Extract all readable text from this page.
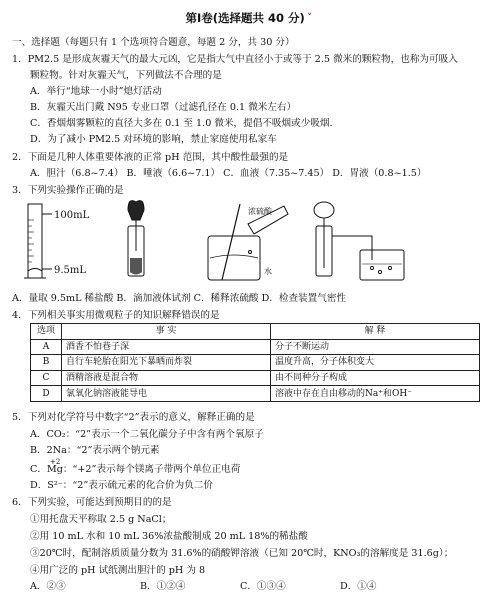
第Ⅰ卷(选择题共 40 分) ˇ
一、选择题（每题只有 1 个选项符合题意，每题 2 分，共 30 分）
1．PM2.5 是形成灰霾天气的最大元凶，它是指大气中直径小于或等于 2.5 微米的颗粒物，也称为可吸入
颗粒物。针对灰霾天气，下列做法不合理的是
A．举行“地球一小时”熄灯活动
B．灰霾天出门戴 N95 专业口罩（过滤孔径在 0.1 微米左右）
C．香烟烟雾颗粒的直径大多在 0.1 至 1.0 微米，提倡不吸烟或少吸烟.
D．为了减小 PM2.5 对环境的影响，禁止家庭使用私家车
2．下面是几种人体重要体液的正常 pH 范围，其中酸性最强的是
A．胆汁（6.8~7.4） B．唾液（6.6~7.1） C．血液（7.35~7.45） D．胃液（0.8~1.5）
3．下列实验操作正确的是
100mL
9.5mL
浓硫酸
水
A．量取 9.5mL 稀盐酸 B．滴加液体试剂 C．稀释浓硫酸 D．检查装置气密性
4．下列相关事实用微观粒子的知识解释错误的是
选项	事 实	解 释
A	酒香不怕巷子深	分子不断运动
B	自行车轮胎在阳光下暴晒而炸裂	温度升高，分子体积变大
C	酒精溶液是混合物	由不同种分子构成
D	氯氧化钠溶液能导电	溶液中存在自由移动的Na⁺和OH⁻
5．下列对化学符号中数字“2”表示的意义，解释正确的是
A．CO₂：“2”表示一个二氧化碳分子中含有两个氧原子
B．2Na：“2”表示两个钠元素
+2
C．Mg：“+2”表示每个镁离子带两个单位正电荷
D．S²⁻：“2”表示硫元素的化合价为负二价
6．下列实验，可能达到预期目的的是
①用托盘天平称取 2.5 g NaCl；
②用 10 mL 水和 10 mL 36%浓盐酸制成 20 mL 18%的稀盐酸
③20℃时，配制溶质质量分数为 31.6%的硝酸钾溶液（已知 20℃时，KNO₃的溶解度是 31.6g）；
④用广泛的 pH 试纸测出胆汁的 pH 为 8
A．②③	B．①②④	C．①③④	D．①④
